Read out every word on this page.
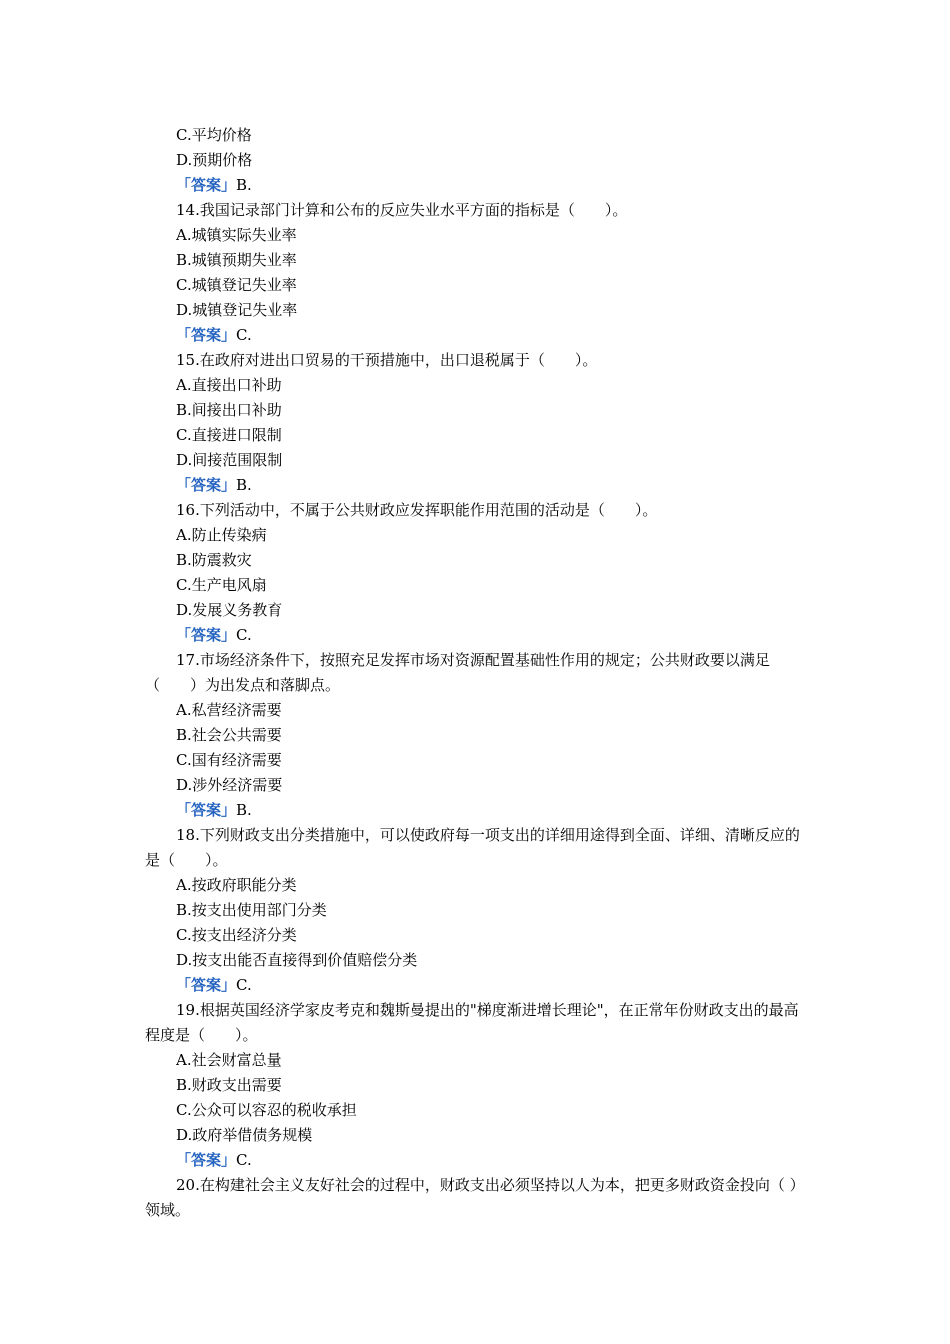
C.平均价格
D.预期价格
「答案」B.
14.我国记录部门计算和公布的反应失业水平方面的指标是（　　）。
A.城镇实际失业率
B.城镇预期失业率
C.城镇登记失业率
D.城镇登记失业率
「答案」C.
15.在政府对进出口贸易的干预措施中，出口退税属于（　　）。
A.直接出口补助
B.间接出口补助
C.直接进口限制
D.间接范围限制
「答案」B.
16.下列活动中，不属于公共财政应发挥职能作用范围的活动是（　　）。
A.防止传染病
B.防震救灾
C.生产电风扇
D.发展义务教育
「答案」C.
17.市场经济条件下，按照充足发挥市场对资源配置基础性作用的规定；公共财政要以满足（　　）为出发点和落脚点。
A.私营经济需要
B.社会公共需要
C.国有经济需要
D.涉外经济需要
「答案」B.
18.下列财政支出分类措施中，可以使政府每一项支出的详细用途得到全面、详细、清晰反应的是（　　）。
A.按政府职能分类
B.按支出使用部门分类
C.按支出经济分类
D.按支出能否直接得到价值赔偿分类
「答案」C.
19.根据英国经济学家皮考克和魏斯曼提出的"梯度渐进增长理论"，在正常年份财政支出的最高程度是（　　）。
A.社会财富总量
B.财政支出需要
C.公众可以容忍的税收承担
D.政府举借债务规模
「答案」C.
20.在构建社会主义友好社会的过程中，财政支出必须坚持以人为本，把更多财政资金投向（ ）领域。
